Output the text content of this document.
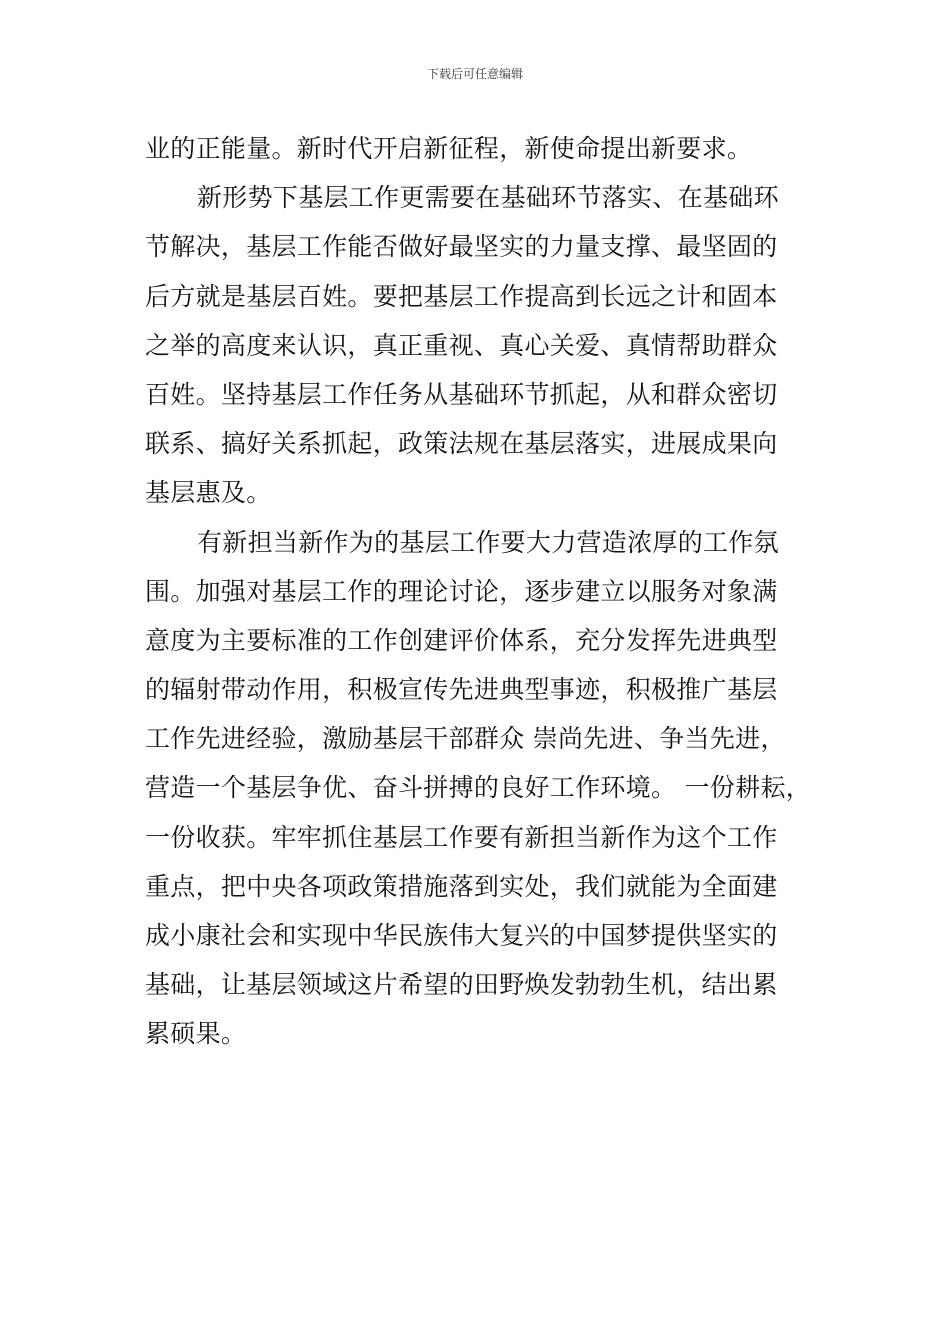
下载后可任意编辑
业的正能量。新时代开启新征程，新使命提出新要求。
新形势下基层工作更需要在基础环节落实、在基础环
节解决，基层工作能否做好最坚实的力量支撑、最坚固的
后方就是基层百姓。要把基层工作提高到长远之计和固本
之举的高度来认识，真正重视、真心关爱、真情帮助群众
百姓。坚持基层工作任务从基础环节抓起，从和群众密切
联系、搞好关系抓起，政策法规在基层落实，进展成果向
基层惠及。
有新担当新作为的基层工作要大力营造浓厚的工作氛
围。加强对基层工作的理论讨论，逐步建立以服务对象满
意度为主要标准的工作创建评价体系，充分发挥先进典型
的辐射带动作用，积极宣传先进典型事迹，积极推广基层
工作先进经验，激励基层干部群众 崇尚先进、争当先进，
营造一个基层争优、奋斗拼搏的良好工作环境。 一份耕耘，
一份收获。牢牢抓住基层工作要有新担当新作为这个工作
重点，把中央各项政策措施落到实处，我们就能为全面建
成小康社会和实现中华民族伟大复兴的中国梦提供坚实的
基础，让基层领域这片希望的田野焕发勃勃生机，结出累
累硕果。
